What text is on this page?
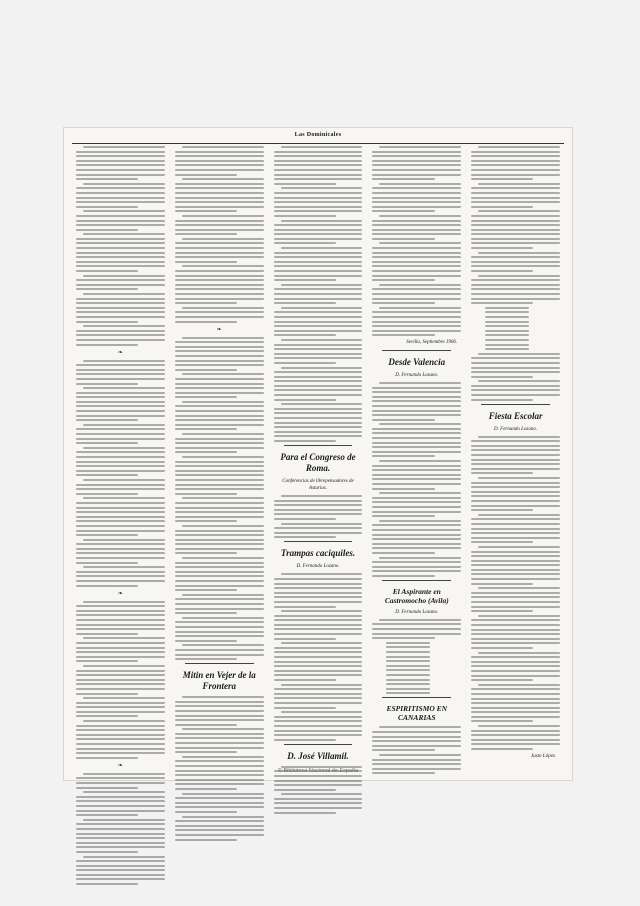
Las Dominicales
❧
❧
❧
❧
Mitin en Vejer de la Frontera
Para el Congreso de Roma.
Conferencias de librepensadores de Asturias.
Trampas caciquiles.
D. Fernando Lozano.
D. José Villamil.
Sevilla, Septiembre 1906.
Desde Valencia
D. Fernando Lozano.
El Aspirante en Castromocho (Avila)
D. Fernando Lozano.
ESPIRITISMO EN CANARIAS
Fiesta Escolar
D. Fernando Lozano.
Justo López.
© Biblioteca Nacional de España
